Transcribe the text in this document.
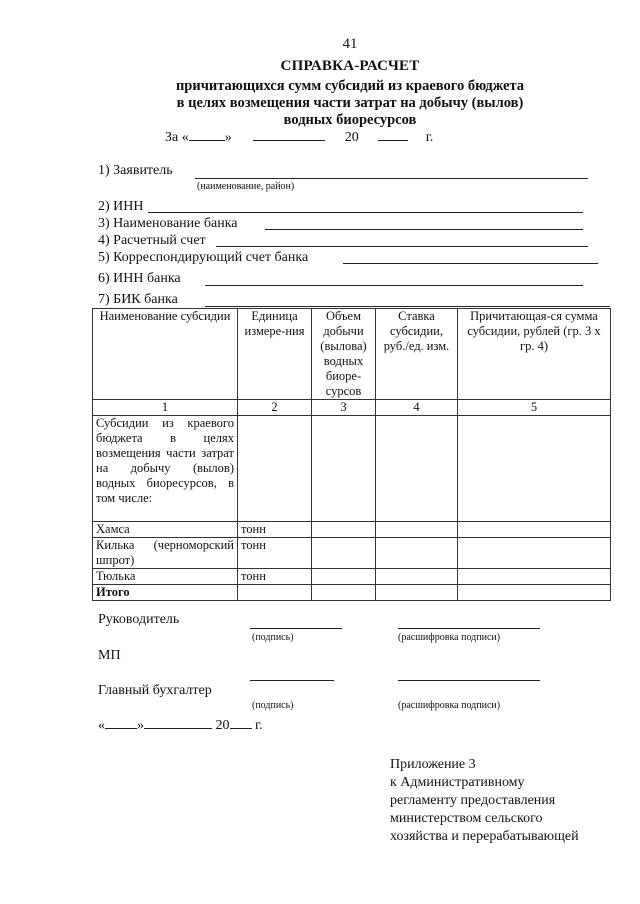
41
СПРАВКА-РАСЧЕТ
причитающихся сумм субсидий из краевого бюджета
в целях возмещения части затрат на добычу (вылов)
водных биоресурсов
За «	»	20	г.
1) Заявитель
(наименование, район)
2) ИНН
3) Наименование банка
4) Расчетный счет
5) Корреспондирующий счет банка
6) ИНН банка
7) БИК банка
Наименование субсидии	Единица измере-ния	Объем добычи (вылова) водных биоре-сурсов	Ставка субсидии, руб./ед. изм.	Причитающая-ся сумма субсидии, рублей (гр. 3 х гр. 4)
1	2	3	4	5
Субсидии из краевого бюджета в целях возмещения части затрат на добычу (вылов) водных биоресурсов, в том числе:				
Хамса	тонн			
Килька (черноморский шпрот)	тонн			
Тюлька	тонн			
Итого				
Руководитель
(подпись)	(расшифровка подписи)
МП
Главный бухгалтер
(подпись)	(расшифровка подписи)
« »	20 г.
Приложение 3
к Административному
регламенту предоставления
министерством сельского
хозяйства и перерабатывающей
